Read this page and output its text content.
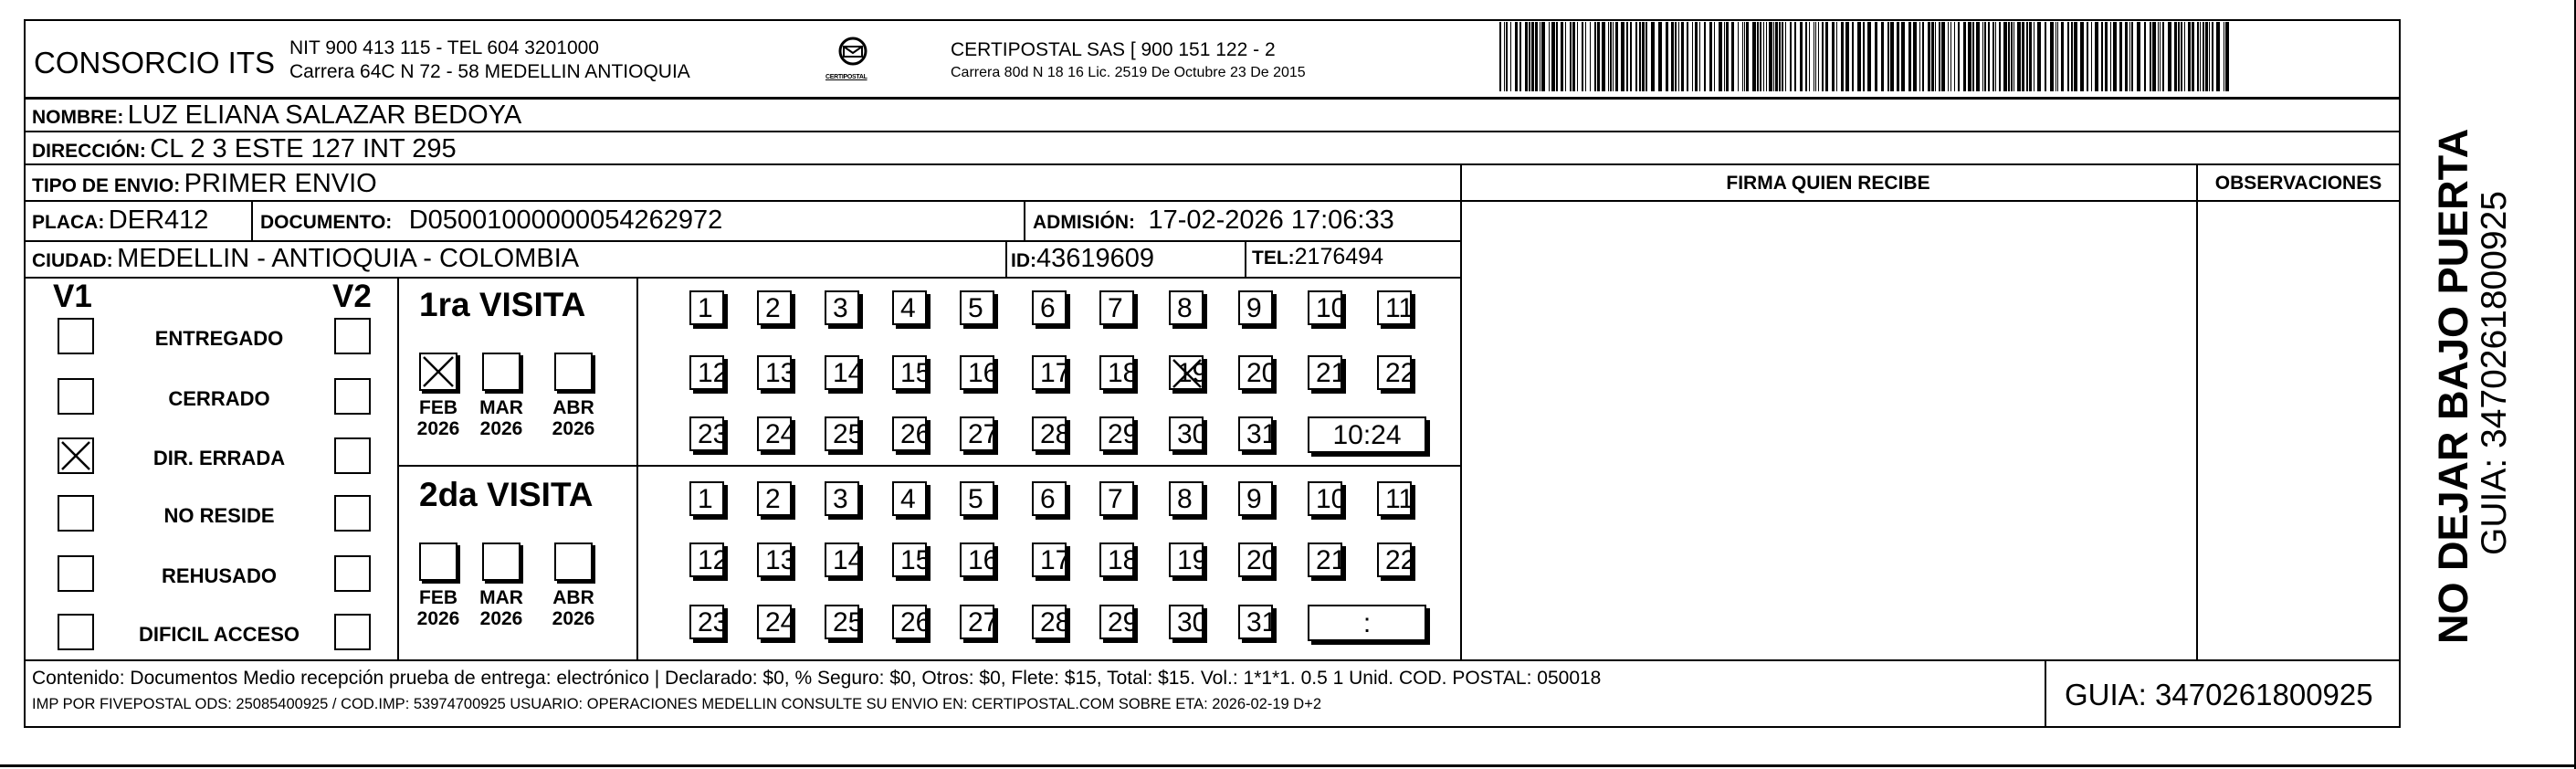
CONSORCIO ITS NIT 900 413 115 - TEL 604 3201000
Carrera 64C N 72 - 58 MEDELLIN ANTIOQUIA	CERTIPOSTAL
CERTIPOSTAL SAS [ 900 151 122 - 2
Carrera 80d N 18 16 Lic. 2519 De Octubre 23 De 2015
NOMBRE: LUZ ELIANA SALAZAR BEDOYA
DIRECCIÓN: CL 2 3 ESTE 127 INT 295
TIPO DE ENVIO: PRIMER ENVIO
PLACA: DER412	DOCUMENTO: D05001000000054262972	ADMISIÓN: 17-02-2026 17:06:33
CIUDAD: MEDELLIN - ANTIOQUIA - COLOMBIA	ID:43619609	TEL:2176494
FIRMA QUIEN RECIBE	OBSERVACIONES
V1	V2
ENTREGADO
CERRADO
DIR. ERRADA
NO RESIDE
REHUSADO
DIFICIL ACCESO
1ra VISITA
2da VISITA
FEB
2026
MAR
2026
ABR
2026
FEB
2026
MAR
2026
ABR
2026
1	2	3	4	5	6	7	8	9	10	11
12	13	14	15	16	17	18	19	20	21	22
23	24	25	26	27	28	29	30	31	10:24
1	2	3	4	5	6	7	8	9	10	11
12	13	14	15	16	17	18	19	20	21	22
23	24	25	26	27	28	29	30	31	:
Contenido: Documentos Medio recepción prueba de entrega: electrónico | Declarado: $0, % Seguro: $0, Otros: $0, Flete: $15, Total: $15. Vol.: 1*1*1. 0.5 1 Unid. COD. POSTAL: 050018
IMP POR FIVEPOSTAL ODS: 25085400925 / COD.IMP: 53974700925 USUARIO: OPERACIONES MEDELLIN CONSULTE SU ENVIO EN: CERTIPOSTAL.COM SOBRE ETA: 2026-02-19 D+2	GUIA: 3470261800925
NO DEJAR BAJO PUERTA
GUIA: 3470261800925
